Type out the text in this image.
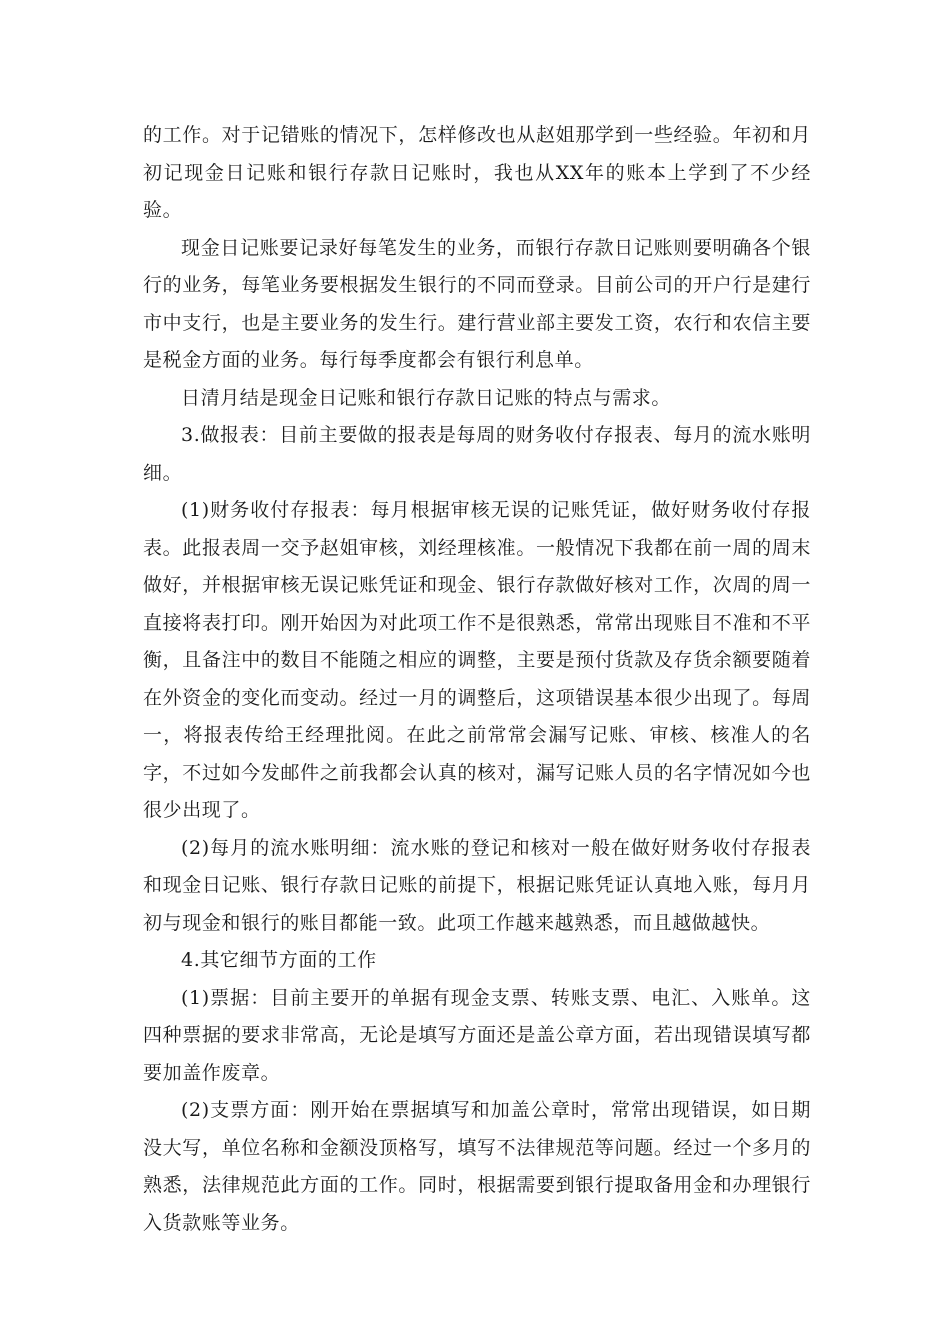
的工作。对于记错账的情况下，怎样修改也从赵姐那学到一些经验。年初和月初记现金日记账和银行存款日记账时，我也从XX年的账本上学到了不少经验。

现金日记账要记录好每笔发生的业务，而银行存款日记账则要明确各个银行的业务，每笔业务要根据发生银行的不同而登录。目前公司的开户行是建行市中支行，也是主要业务的发生行。建行营业部主要发工资，农行和农信主要是税金方面的业务。每行每季度都会有银行利息单。

日清月结是现金日记账和银行存款日记账的特点与需求。

3.做报表：目前主要做的报表是每周的财务收付存报表、每月的流水账明细。

(1)财务收付存报表：每月根据审核无误的记账凭证，做好财务收付存报表。此报表周一交予赵姐审核，刘经理核准。一般情况下我都在前一周的周末做好，并根据审核无误记账凭证和现金、银行存款做好核对工作，次周的周一直接将表打印。刚开始因为对此项工作不是很熟悉，常常出现账目不准和不平衡，且备注中的数目不能随之相应的调整，主要是预付货款及存货余额要随着在外资金的变化而变动。经过一月的调整后，这项错误基本很少出现了。每周一，将报表传给王经理批阅。在此之前常常会漏写记账、审核、核准人的名字，不过如今发邮件之前我都会认真的核对，漏写记账人员的名字情况如今也很少出现了。

(2)每月的流水账明细：流水账的登记和核对一般在做好财务收付存报表和现金日记账、银行存款日记账的前提下，根据记账凭证认真地入账，每月月初与现金和银行的账目都能一致。此项工作越来越熟悉，而且越做越快。

4.其它细节方面的工作

(1)票据：目前主要开的单据有现金支票、转账支票、电汇、入账单。这四种票据的要求非常高，无论是填写方面还是盖公章方面，若出现错误填写都要加盖作废章。

(2)支票方面：刚开始在票据填写和加盖公章时，常常出现错误，如日期没大写，单位名称和金额没顶格写，填写不法律规范等问题。经过一个多月的熟悉，法律规范此方面的工作。同时，根据需要到银行提取备用金和办理银行入货款账等业务。
